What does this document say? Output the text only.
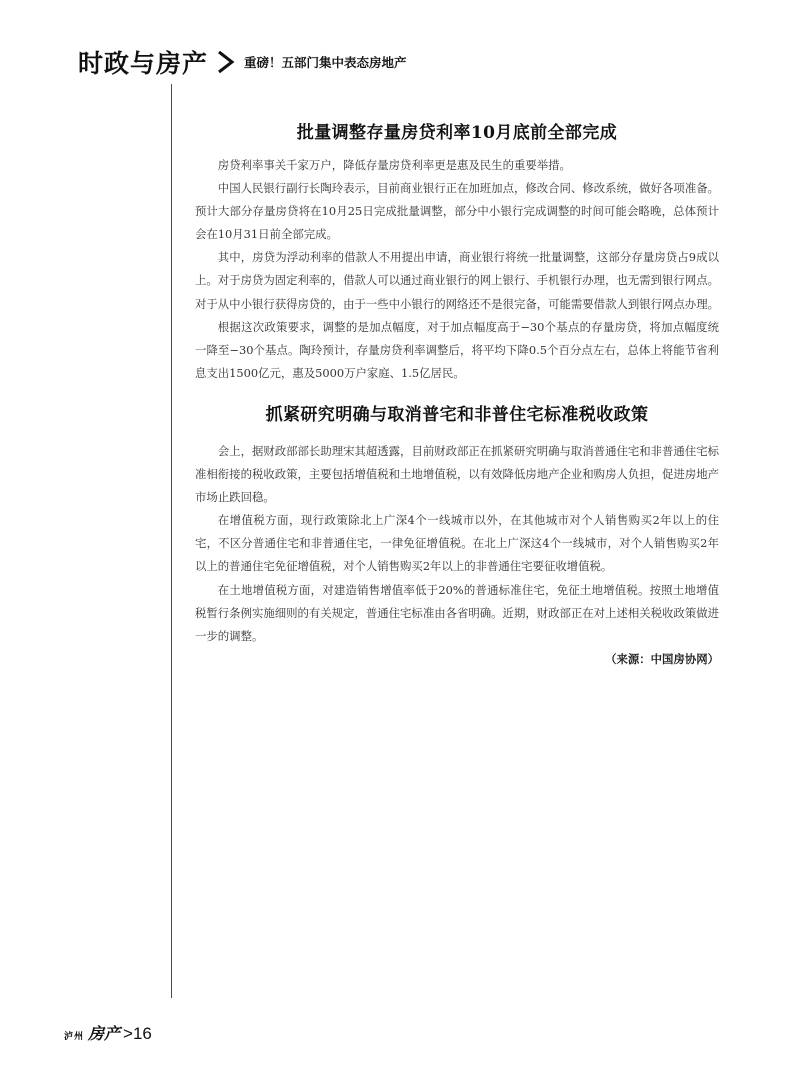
时政与房产	重磅！五部门集中表态房地产
批量调整存量房贷利率10月底前全部完成

房贷利率事关千家万户，降低存量房贷利率更是惠及民生的重要举措。

中国人民银行副行长陶玲表示，目前商业银行正在加班加点，修改合同、修改系统，做好各项准备。预计大部分存量房贷将在10月25日完成批量调整，部分中小银行完成调整的时间可能会略晚，总体预计会在10月31日前全部完成。

其中，房贷为浮动利率的借款人不用提出申请，商业银行将统一批量调整，这部分存量房贷占9成以上。对于房贷为固定利率的，借款人可以通过商业银行的网上银行、手机银行办理，也无需到银行网点。对于从中小银行获得房贷的，由于一些中小银行的网络还不是很完备，可能需要借款人到银行网点办理。

根据这次政策要求，调整的是加点幅度，对于加点幅度高于−30个基点的存量房贷，将加点幅度统一降至−30个基点。陶玲预计，存量房贷利率调整后，将平均下降0.5个百分点左右，总体上将能节省利息支出1500亿元，惠及5000万户家庭、1.5亿居民。

抓紧研究明确与取消普宅和非普住宅标准税收政策

会上，据财政部部长助理宋其超透露，目前财政部正在抓紧研究明确与取消普通住宅和非普通住宅标准相衔接的税收政策，主要包括增值税和土地增值税，以有效降低房地产企业和购房人负担，促进房地产市场止跌回稳。

在增值税方面，现行政策除北上广深4个一线城市以外，在其他城市对个人销售购买2年以上的住宅，不区分普通住宅和非普通住宅，一律免征增值税。在北上广深这4个一线城市，对个人销售购买2年以上的普通住宅免征增值税，对个人销售购买2年以上的非普通住宅要征收增值税。

在土地增值税方面，对建造销售增值率低于20%的普通标准住宅，免征土地增值税。按照土地增值税暂行条例实施细则的有关规定，普通住宅标准由各省明确。近期，财政部正在对上述相关税收政策做进一步的调整。

（来源：中国房协网）
泸州 房产 >16
